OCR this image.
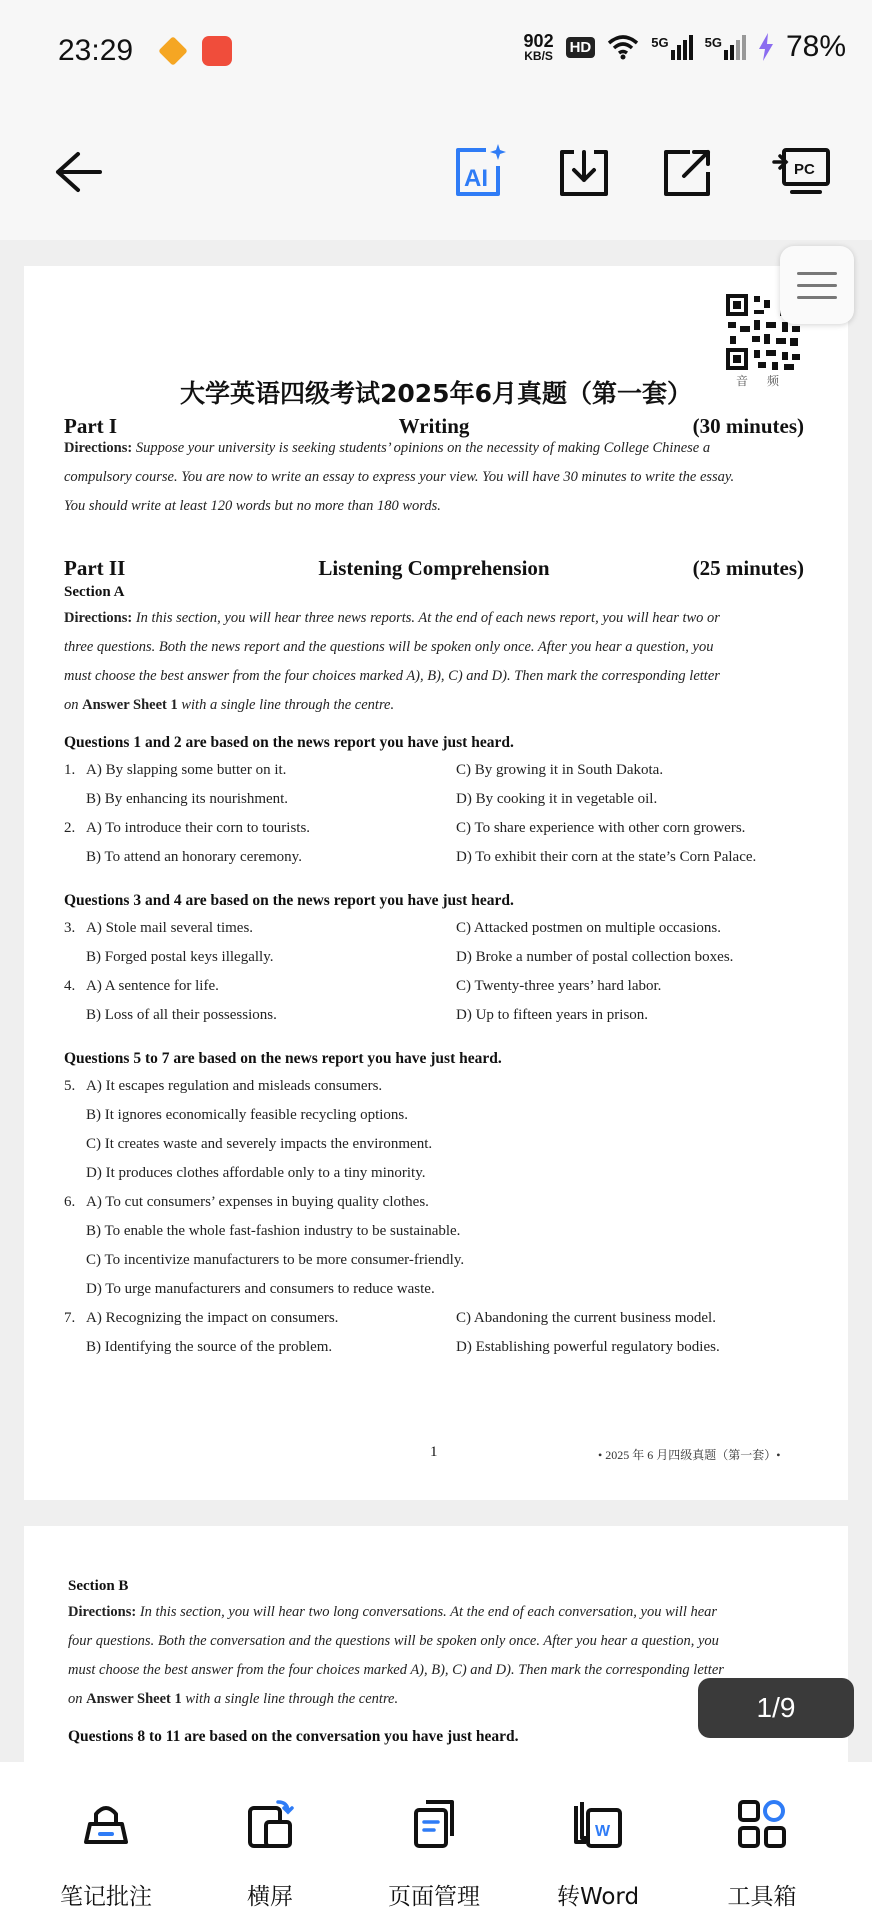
23:29	902
KB/S
HD	5G	5G 78%
AI	PC
音 频
大学英语四级考试2025年6月真题（第一套）
Part I	Writing	(30 minutes)
Directions: Suppose your university is seeking students’ opinions on the necessity of making College Chinese a
compulsory course. You are now to write an essay to express your view. You will have 30 minutes to write the essay.
You should write at least 120 words but no more than 180 words.
Part II	Listening Comprehension	(25 minutes)
Section A
Directions: In this section, you will hear three news reports. At the end of each news report, you will hear two or
three questions. Both the news report and the questions will be spoken only once. After you hear a question, you
must choose the best answer from the four choices marked A), B), C) and D). Then mark the corresponding letter
on Answer Sheet 1 with a single line through the centre.
Questions 1 and 2 are based on the news report you have just heard.
1. A) By slapping some butter on it.	C) By growing it in South Dakota.
B) By enhancing its nourishment.	D) By cooking it in vegetable oil.
2. A) To introduce their corn to tourists.	C) To share experience with other corn growers.
B) To attend an honorary ceremony.	D) To exhibit their corn at the state’s Corn Palace.
Questions 3 and 4 are based on the news report you have just heard.
3. A) Stole mail several times.	C) Attacked postmen on multiple occasions.
B) Forged postal keys illegally.	D) Broke a number of postal collection boxes.
4. A) A sentence for life.	C) Twenty-three years’ hard labor.
B) Loss of all their possessions.	D) Up to fifteen years in prison.
Questions 5 to 7 are based on the news report you have just heard.
5. A) It escapes regulation and misleads consumers.
B) It ignores economically feasible recycling options.
C) It creates waste and severely impacts the environment.
D) It produces clothes affordable only to a tiny minority.
6. A) To cut consumers’ expenses in buying quality clothes.
B) To enable the whole fast-fashion industry to be sustainable.
C) To incentivize manufacturers to be more consumer-friendly.
D) To urge manufacturers and consumers to reduce waste.
7. A) Recognizing the impact on consumers.	C) Abandoning the current business model.
B) Identifying the source of the problem.	D) Establishing powerful regulatory bodies.
1	• 2025 年 6 月四级真题（第一套）•
Section B
Directions: In this section, you will hear two long conversations. At the end of each conversation, you will hear
four questions. Both the conversation and the questions will be spoken only once. After you hear a question, you
must choose the best answer from the four choices marked A), B), C) and D). Then mark the corresponding letter
on Answer Sheet 1 with a single line through the centre.
Questions 8 to 11 are based on the conversation you have just heard.
1/9
笔记批注	横屏	页面管理
W
转Word	工具箱
